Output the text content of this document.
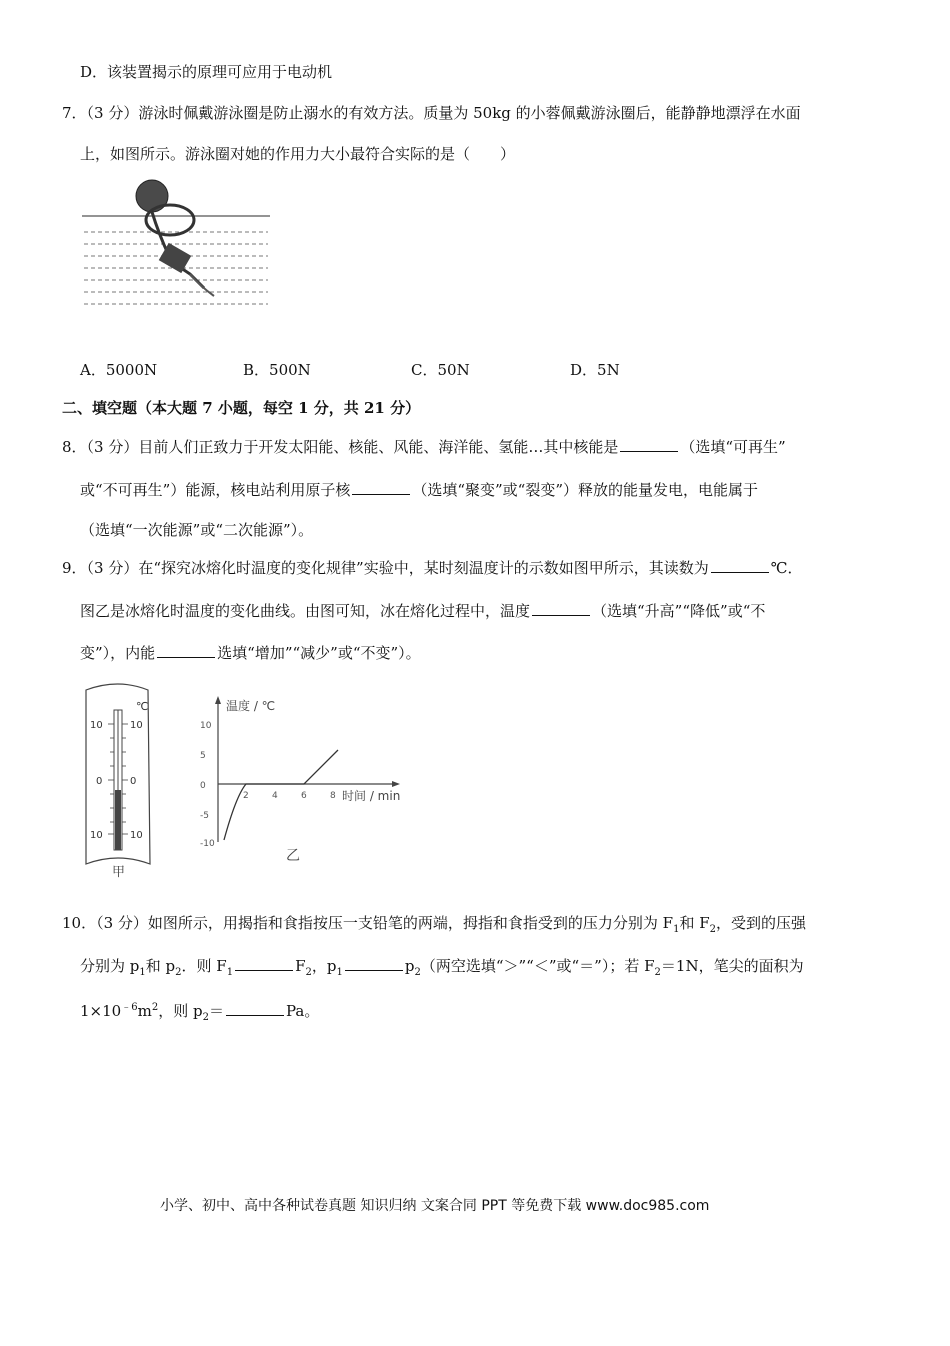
D．该装置揭示的原理可应用于电动机
7．（3 分）游泳时佩戴游泳圈是防止溺水的有效方法。质量为 50kg 的小蓉佩戴游泳圈后，能静静地漂浮在水面
上，如图所示。游泳圈对她的作用力大小最符合实际的是（　　）
A．5000N	B．500N	C．50N	D．5N
二、填空题（本大题 7 小题，每空 1 分，共 21 分）
8．（3 分）目前人们正致力于开发太阳能、核能、风能、海洋能、氢能…其中核能是	（选填“可再生”
或“不可再生”）能源，核电站利用原子核	（选填“聚变”或“裂变”）释放的能量发电，电能属于
（选填“一次能源”或“二次能源”）。
9．（3 分）在“探究冰熔化时温度的变化规律”实验中，某时刻温度计的示数如图甲所示，其读数为	℃．
图乙是冰熔化时温度的变化曲线。由图可知，冰在熔化过程中，温度	（选填“升高”“降低”或“不
变”），内能	选填“增加”“减少”或“不变”）。
℃
10	10
0	0
10	10
甲
温度 / ℃
时间 / min
10
5
0
-5
-10
2	4	6	8
乙
10．（3 分）如图所示，用揭指和食指按压一支铅笔的两端，拇指和食指受到的压力分别为 $F_1$和 $F_2$，受到的压强
分别为 $p_1$和 $p_2$．则 $F_1$	$F_2$，$p_1$	$p_2$（两空选填“＞”“＜”或“＝”）；若 $F_2=1N$，笔尖的面积为
$1\times 10^{﹣6}m^2$，则 $p_2=$	Pa。
小学、初中、高中各种试卷真题 知识归纳 文案合同 PPT 等免费下载 www.doc985.com
